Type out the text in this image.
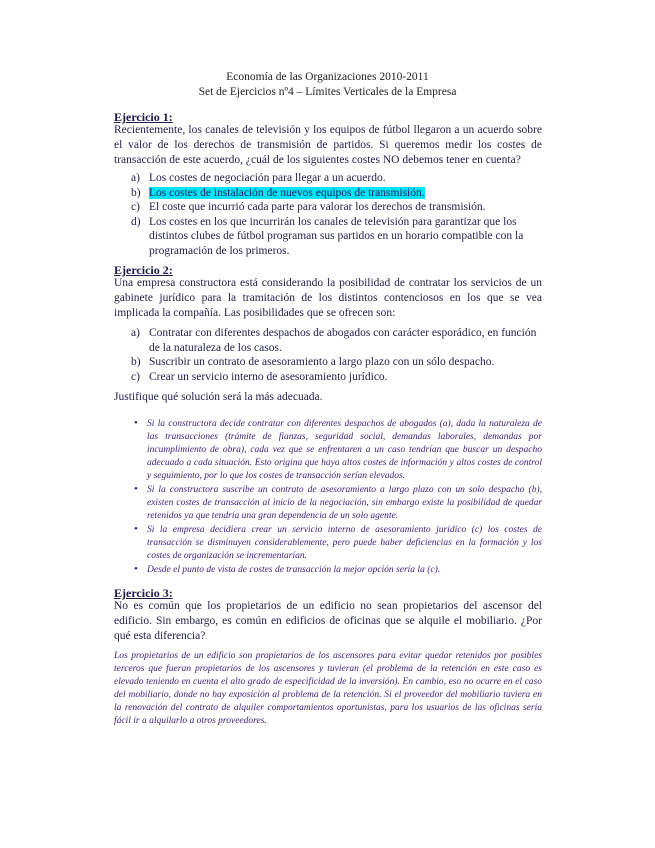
Economía de las Organizaciones 2010-2011
Set de Ejercicios nº4 – Límites Verticales de la Empresa
Ejercicio 1:
Recientemente, los canales de televisión y los equipos de fútbol llegaron a un acuerdo sobre el valor de los derechos de transmisión de partidos. Si queremos medir los costes de transacción de este acuerdo, ¿cuál de los siguientes costes NO debemos tener en cuenta?
a) Los costes de negociación para llegar a un acuerdo.
b) Los costes de instalación de nuevos equipos de transmisión.
c) El coste que incurrió cada parte para valorar los derechos de transmisión.
d) Los costes en los que incurrirán los canales de televisión para garantizar que los distintos clubes de fútbol programan sus partidos en un horario compatible con la programación de los primeros.
Ejercicio 2:
Una empresa constructora está considerando la posibilidad de contratar los servicios de un gabinete jurídico para la tramitación de los distintos contenciosos en los que se vea implicada la compañía. Las posibilidades que se ofrecen son:
a) Contratar con diferentes despachos de abogados con carácter esporádico, en función de la naturaleza de los casos.
b) Suscribir un contrato de asesoramiento a largo plazo con un sólo despacho.
c) Crear un servicio interno de asesoramiento jurídico.
Justifique qué solución será la más adecuada.
• Si la constructora decide contratar con diferentes despachos de abogados (a), dada la naturaleza de las transacciones (trámite de fianzas, seguridad social, demandas laborales, demandas por incumplimiento de obra), cada vez que se enfrentaren a un caso tendrían que buscar un despacho adecuado a cada situación. Esto origina que haya altos costes de información y altos costes de control y seguimiento, por lo que los costes de transacción serían elevados.
• Si la constructora suscribe un contrato de asesoramiento a largo plazo con un solo despacho (b), existen costes de transacción al inicio de la negociación, sin embargo existe la posibilidad de quedar retenidos ya que tendría una gran dependencia de un solo agente.
• Si la empresa decidiera crear un servicio interno de asesoramiento jurídico (c) los costes de transacción se disminuyen considerablemente, pero puede haber deficiencias en la formación y los costes de organización se incrementarían.
• Desde el punto de vista de costes de transacción la mejor opción sería la (c).
Ejercicio 3:
No es común que los propietarios de un edificio no sean propietarios del ascensor del edificio. Sin embargo, es común en edificios de oficinas que se alquile el mobiliario. ¿Por qué esta diferencia?
Los propietarios de un edificio son propietarios de los ascensores para evitar quedar retenidos por posibles terceros que fueran propietarios de los ascensores y tuvieran (el problema de la retención en este caso es elevado teniendo en cuenta el alto grado de especificidad de la inversión). En cambio, eso no ocurre en el caso del mobiliario, donde no hay exposición al problema de la retención. Si el proveedor del mobiliario tuviera en la renovación del contrato de alquiler comportamientos oportunistas, para los usuarios de las oficinas sería fácil ir a alquilarlo a otros proveedores.
